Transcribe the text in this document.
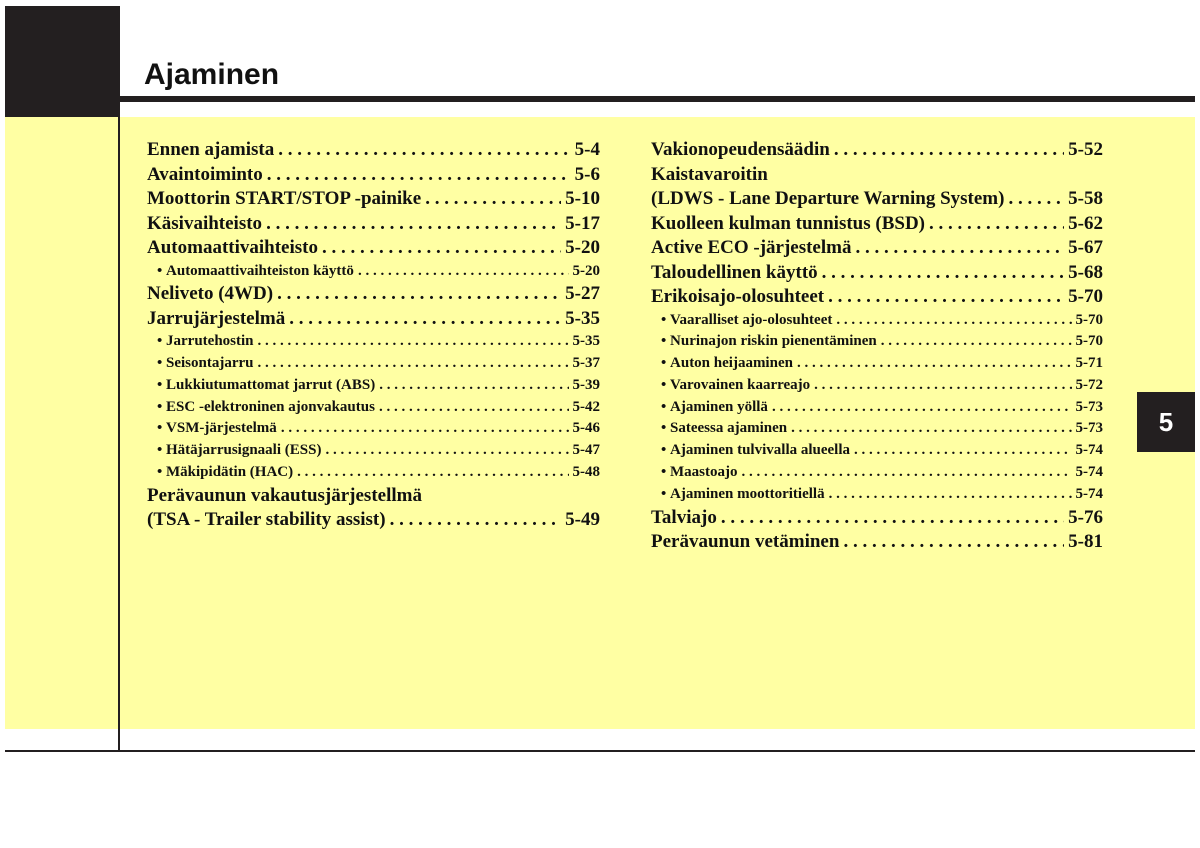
Ajaminen
5
Ennen ajamista . . .	5-4
Avaintoiminto . . .	5-6
Moottorin START/STOP -painike . . .	5-10
Käsivaihteisto . . .	5-17
Automaattivaihteisto . . .	5-20
• Automaattivaihteiston käyttö . . .	5-20
Neliveto (4WD) . . .	5-27
Jarrujärjestelmä . . .	5-35
• Jarrutehostin . . .	5-35
• Seisontajarru . . .	5-37
• Lukkiutumattomat jarrut (ABS) . . .	5-39
• ESC -elektroninen ajonvakautus . . .	5-42
• VSM-järjestelmä . . .	5-46
• Hätäjarrusignaali (ESS) . . .	5-47
• Mäkipidätin (HAC) . . .	5-48
Perävaunun vakautusjärjestellmä
(TSA - Trailer stability assist) . . .	5-49
Vakionopeudensäädin . . .	5-52
Kaistavaroitin
(LDWS - Lane Departure Warning System) . . .	5-58
Kuolleen kulman tunnistus (BSD) . . .	5-62
Active ECO -järjestelmä . . .	5-67
Taloudellinen käyttö . . .	5-68
Erikoisajo-olosuhteet . . .	5-70
• Vaaralliset ajo-olosuhteet . . .	5-70
• Nurinajon riskin pienentäminen . . .	5-70
• Auton heijaaminen . . .	5-71
• Varovainen kaarreajo . . .	5-72
• Ajaminen yöllä . . .	5-73
• Sateessa ajaminen . . .	5-73
• Ajaminen tulvivalla alueella . . .	5-74
• Maastoajo . . .	5-74
• Ajaminen moottoritiellä . . .	5-74
Talviajo . . .	5-76
Perävaunun vetäminen . . .	5-81
